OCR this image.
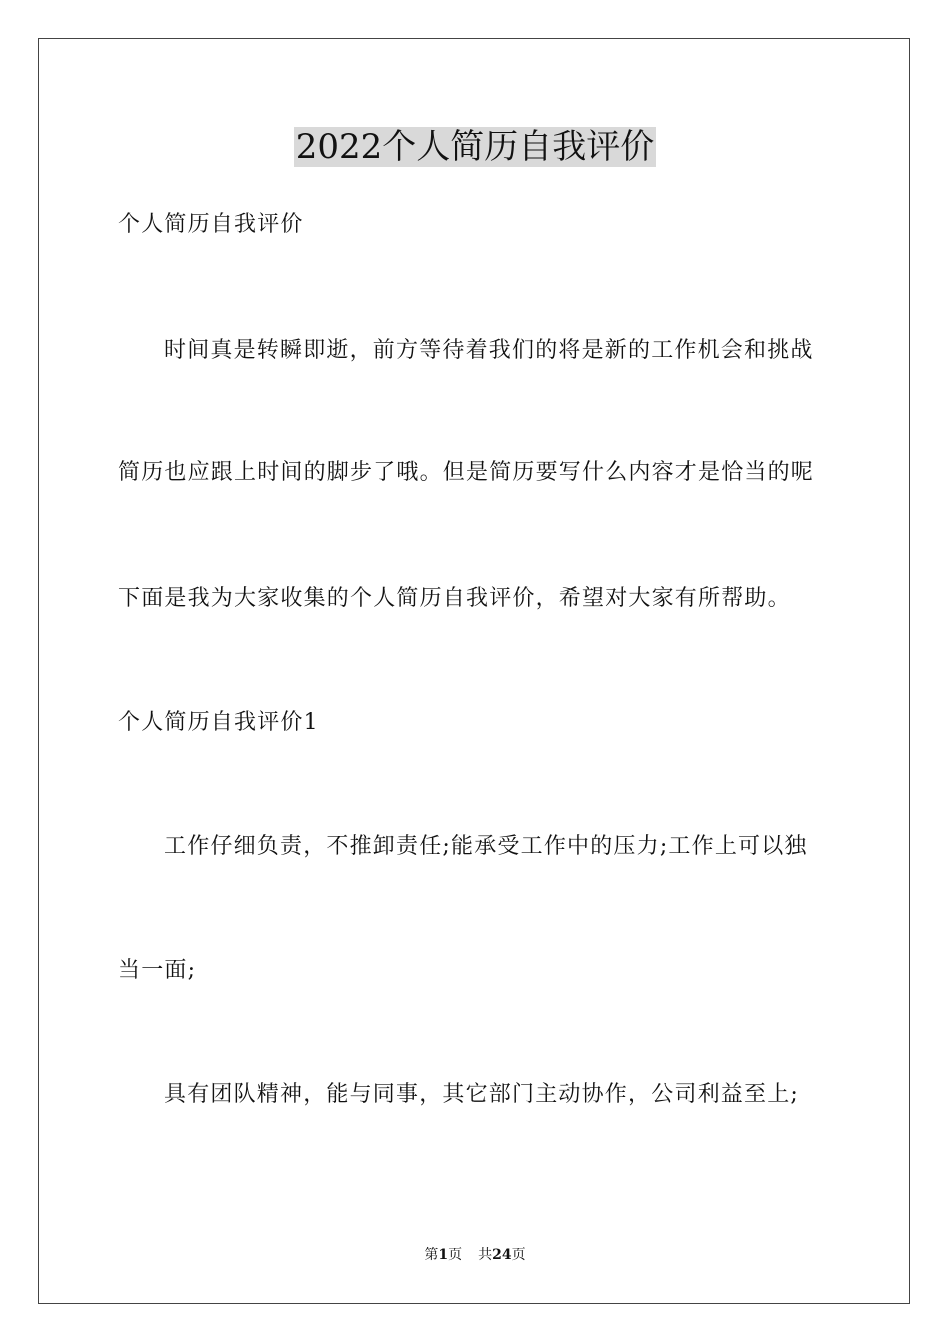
2022个人简历自我评价

个人简历自我评价

时间真是转瞬即逝，前方等待着我们的将是新的工作机会和挑战

简历也应跟上时间的脚步了哦。但是简历要写什么内容才是恰当的呢

下面是我为大家收集的个人简历自我评价，希望对大家有所帮助。

个人简历自我评价1

工作仔细负责，不推卸责任;能承受工作中的压力;工作上可以独

当一面;

具有团队精神，能与同事，其它部门主动协作，公司利益至上;

第1页 共24页
